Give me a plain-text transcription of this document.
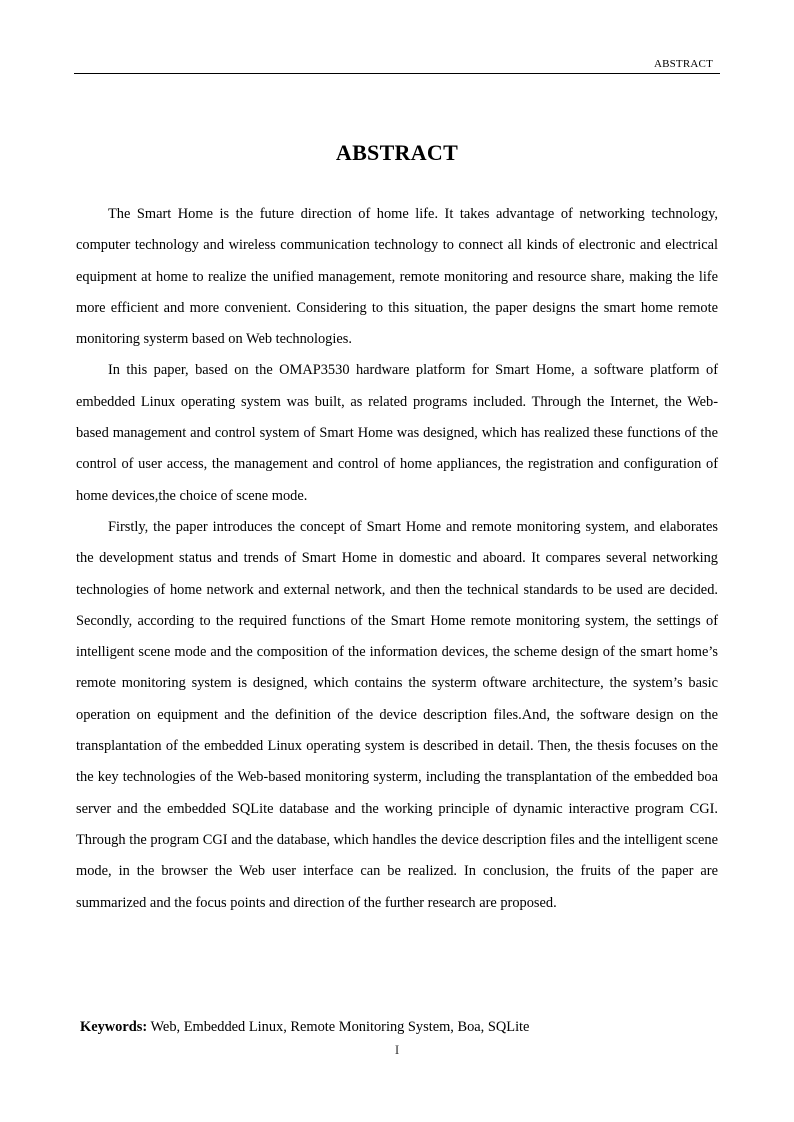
ABSTRACT
ABSTRACT

The Smart Home is the future direction of home life. It takes advantage of networking technology, computer technology and wireless communication technology to connect all kinds of electronic and electrical equipment at home to realize the unified management, remote monitoring and resource share, making the life more efficient and more convenient. Considering to this situation, the paper designs the smart home remote monitoring systerm based on Web technologies.

In this paper, based on the OMAP3530 hardware platform for Smart Home, a software platform of embedded Linux operating system was built, as related programs included. Through the Internet, the Web-based management and control system of Smart Home was designed, which has realized these functions of the control of user access, the management and control of home appliances, the registration and configuration of home devices,the choice of scene mode.

Firstly, the paper introduces the concept of Smart Home and remote monitoring system, and elaborates the development status and trends of Smart Home in domestic and aboard. It compares several networking technologies of home network and external network, and then the technical standards to be used are decided. Secondly, according to the required functions of the Smart Home remote monitoring system, the settings of intelligent scene mode and the composition of the information devices, the scheme design of the smart home’s remote monitoring system is designed, which contains the systerm oftware architecture, the system’s basic operation on equipment and the definition of the device description files.And, the software design on the transplantation of the embedded Linux operating system is described in detail. Then, the thesis focuses on the the key technologies of the Web-based monitoring systerm, including the transplantation of the embedded boa server and the embedded SQLite database and the working principle of dynamic interactive program CGI. Through the program CGI and the database, which handles the device description files and the intelligent scene mode, in the browser the Web user interface can be realized. In conclusion, the fruits of the paper are summarized and the focus points and direction of the further research are proposed.

Keywords: Web, Embedded Linux, Remote Monitoring System, Boa, SQLite

I
